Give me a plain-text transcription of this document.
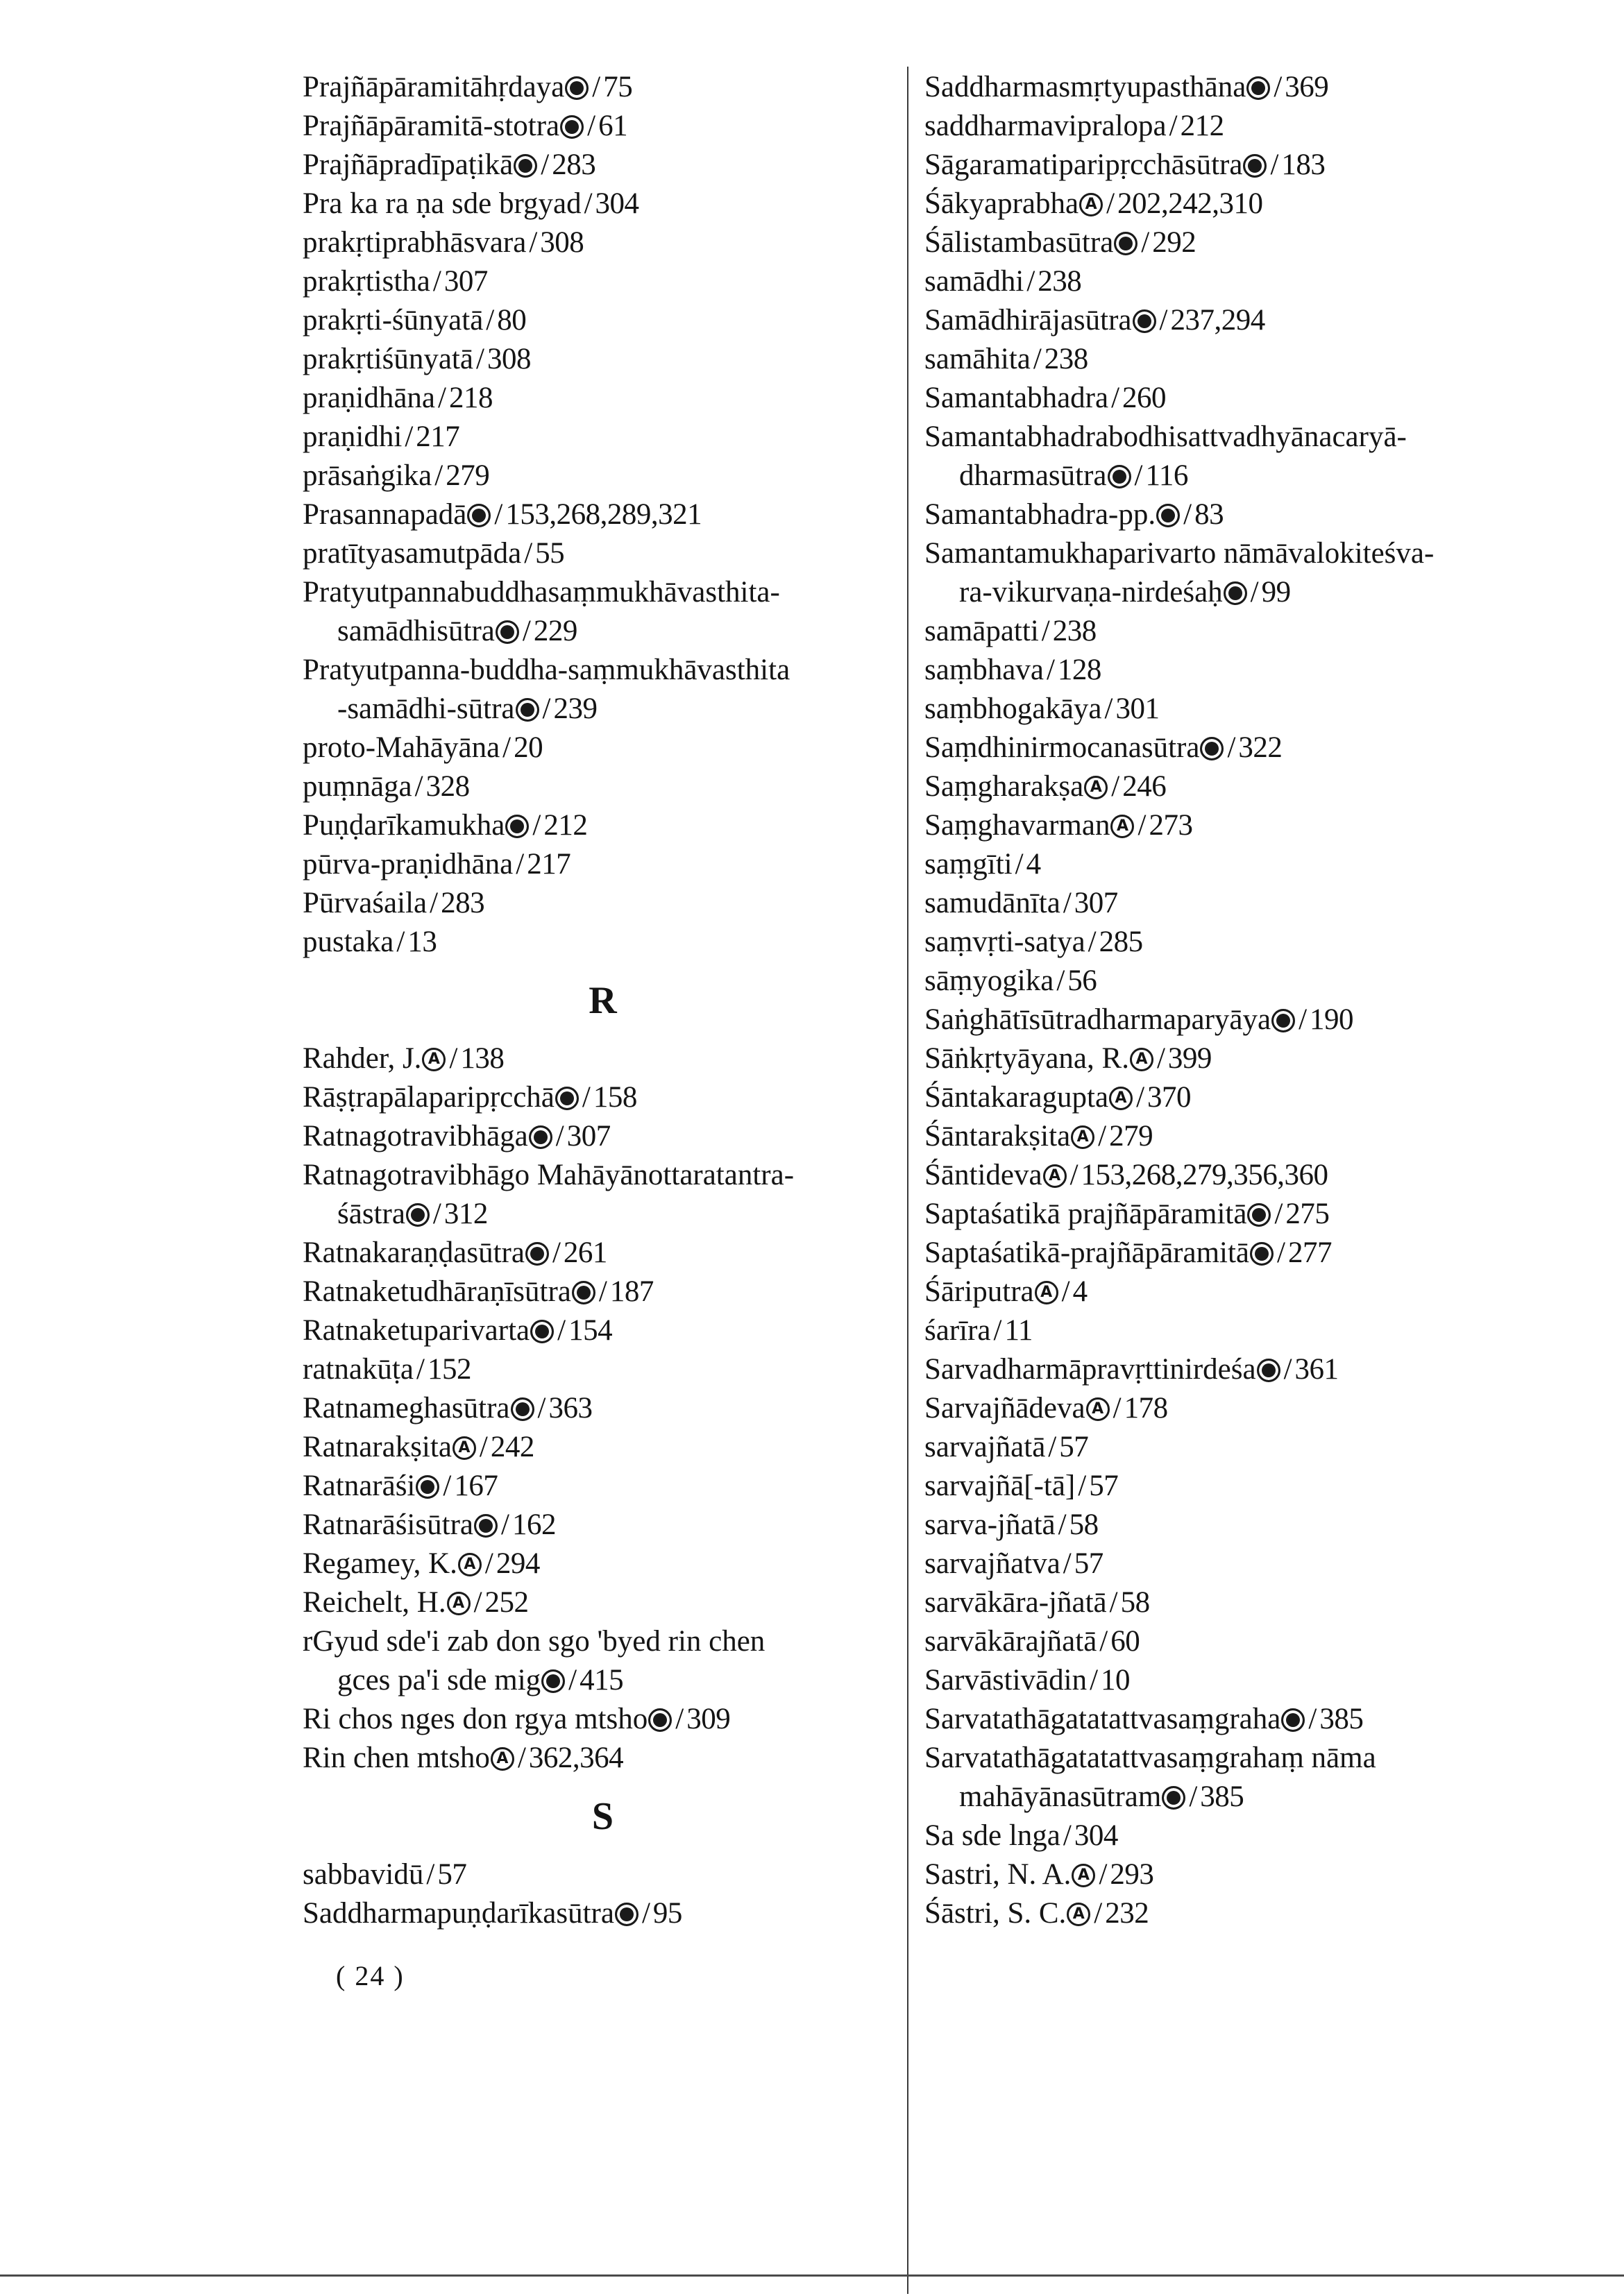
Prajñāpāramitāhṛdaya /75
Prajñāpāramitā-stotra /61
Prajñāpradīpaṭikā /283
Pra ka ra ṇa sde brgyad/304
prakṛtiprabhāsvara/308
prakṛtistha/307
prakṛti-śūnyatā/80
prakṛtiśūnyatā/308
praṇidhāna/218
praṇidhi/217
prāsaṅgika/279
Prasannapadā /153,268,289,321
pratītyasamutpāda/55
Pratyutpannabuddhasaṃmukhāvasthita-
samādhisūtra /229
Pratyutpanna-buddha-saṃmukhāvasthita
-samādhi-sūtra /239
proto-Mahāyāna/20
puṃnāga/328
Puṇḍarīkamukha /212
pūrva-praṇidhāna/217
Pūrvaśaila/283
pustaka/13
R
Rahder, J. A /138
Rāṣṭrapālaparipṛcchā /158
Ratnagotravibhāga /307
Ratnagotravibhāgo Mahāyānottaratantra-
śāstra /312
Ratnakaraṇḍasūtra /261
Ratnaketudhāraṇīsūtra /187
Ratnaketuparivarta /154
ratnakūṭa/152
Ratnameghasūtra /363
Ratnarakṣita A /242
Ratnarāśi /167
Ratnarāśisūtra /162
Regamey, K. A /294
Reichelt, H. A /252
rGyud sde'i zab don sgo 'byed rin chen
gces pa'i sde mig /415
Ri chos nges don rgya mtsho /309
Rin chen mtsho A /362,364
S
sabbavidū/57
Saddharmapuṇḍarīkasūtra /95
Saddharmasmṛtyupasthāna /369
saddharmavipralopa/212
Sāgaramatiparipṛcchāsūtra /183
Śākyaprabha A /202,242,310
Śālistambasūtra /292
samādhi/238
Samādhirājasūtra /237,294
samāhita/238
Samantabhadra/260
Samantabhadrabodhisattvadhyānacaryā-
dharmasūtra /116
Samantabhadra-pp. /83
Samantamukhaparivarto nāmāvalokiteśva-
ra-vikurvaṇa-nirdeśaḥ /99
samāpatti/238
saṃbhava/128
saṃbhogakāya/301
Saṃdhinirmocanasūtra /322
Saṃgharakṣa A /246
Saṃghavarman A /273
saṃgīti/4
samudānīta/307
saṃvṛti-satya/285
sāṃyogika/56
Saṅghātīsūtradharmaparyāya /190
Sāṅkṛtyāyana, R. A /399
Śāntakaragupta A /370
Śāntarakṣita A /279
Śāntideva A /153,268,279,356,360
Saptaśatikā prajñāpāramitā /275
Saptaśatikā-prajñāpāramitā /277
Śāriputra A /4
śarīra/11
Sarvadharmāpravṛttinirdeśa /361
Sarvajñādeva A /178
sarvajñatā/57
sarvajñā[-tā]/57
sarva-jñatā/58
sarvajñatva/57
sarvākāra-jñatā/58
sarvākārajñatā/60
Sarvāstivādin/10
Sarvatathāgatatattvasaṃgraha /385
Sarvatathāgatatattvasaṃgrahaṃ nāma
mahāyānasūtram /385
Sa sde lnga/304
Sastri, N. A. A /293
Śāstri, S. C. A /232
( 24 )
